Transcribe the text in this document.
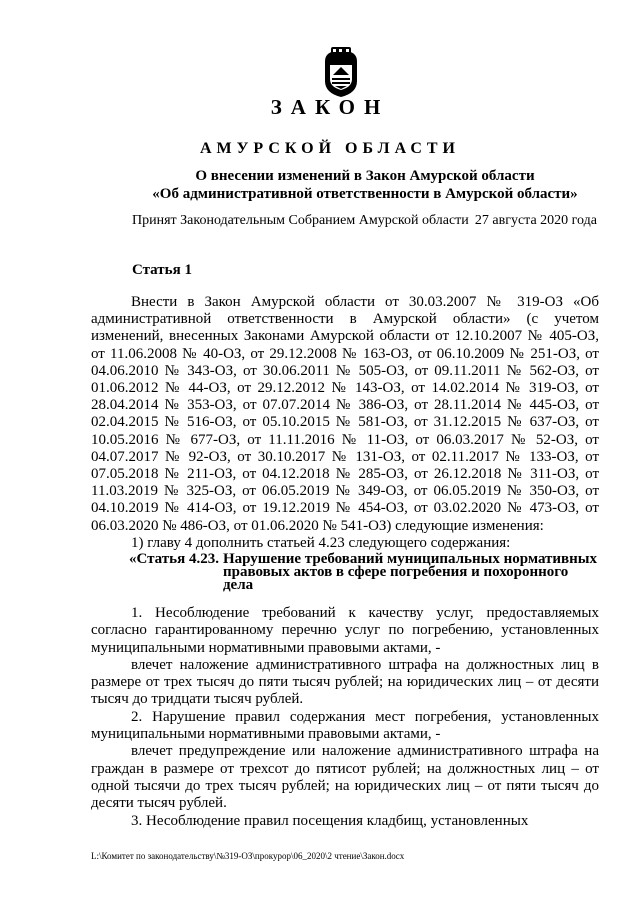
ЗАКОН
АМУРСКОЙ ОБЛАСТИ
О внесении изменений в Закон Амурской области
«Об административной ответственности в Амурской области»
Принят Законодательным Собранием Амурской области 27 августа 2020 года
Статья 1

Внести в Закон Амурской области от 30.03.2007 № 319-ОЗ «Об административной ответственности в Амурской области» (с учетом изменений, внесенных Законами Амурской области от 12.10.2007 № 405-ОЗ, от 11.06.2008 № 40-ОЗ, от 29.12.2008 № 163-ОЗ, от 06.10.2009 № 251-ОЗ, от 04.06.2010 № 343-ОЗ, от 30.06.2011 № 505-ОЗ, от 09.11.2011 № 562-ОЗ, от 01.06.2012 № 44-ОЗ, от 29.12.2012 № 143-ОЗ, от 14.02.2014 № 319-ОЗ, от 28.04.2014 № 353-ОЗ, от 07.07.2014 № 386-ОЗ, от 28.11.2014 № 445-ОЗ, от 02.04.2015 № 516-ОЗ, от 05.10.2015 № 581-ОЗ, от 31.12.2015 № 637-ОЗ, от 10.05.2016 № 677-ОЗ, от 11.11.2016 № 11-ОЗ, от 06.03.2017 № 52-ОЗ, от 04.07.2017 № 92-ОЗ, от 30.10.2017 № 131-ОЗ, от 02.11.2017 № 133-ОЗ, от 07.05.2018 № 211-ОЗ, от 04.12.2018 № 285-ОЗ, от 26.12.2018 № 311-ОЗ, от 11.03.2019 № 325-ОЗ, от 06.05.2019 № 349-ОЗ, от 06.05.2019 № 350-ОЗ, от 04.10.2019 № 414-ОЗ, от 19.12.2019 № 454-ОЗ, от 03.02.2020 № 473-ОЗ, от 06.03.2020 № 486-ОЗ, от 01.06.2020 № 541-ОЗ) следующие изменения:

1) главу 4 дополнить статьей 4.23 следующего содержания:

«Статья 4.23. Нарушение требований муниципальных нормативных правовых актов в сфере погребения и похоронного дела

1. Несоблюдение требований к качеству услуг, предоставляемых согласно гарантированному перечню услуг по погребению, установленных муниципальными нормативными правовыми актами, -

влечет наложение административного штрафа на должностных лиц в размере от трех тысяч до пяти тысяч рублей; на юридических лиц – от десяти тысяч до тридцати тысяч рублей.

2. Нарушение правил содержания мест погребения, установленных муниципальными нормативными правовыми актами, -

влечет предупреждение или наложение административного штрафа на граждан в размере от трехсот до пятисот рублей; на должностных лиц – от одной тысячи до трех тысяч рублей; на юридических лиц – от пяти тысяч до десяти тысяч рублей.

3. Несоблюдение правил посещения кладбищ, установленных

L:\Комитет по законодательству\№319-ОЗ\прокурор\06_2020\2 чтение\Закон.docx
